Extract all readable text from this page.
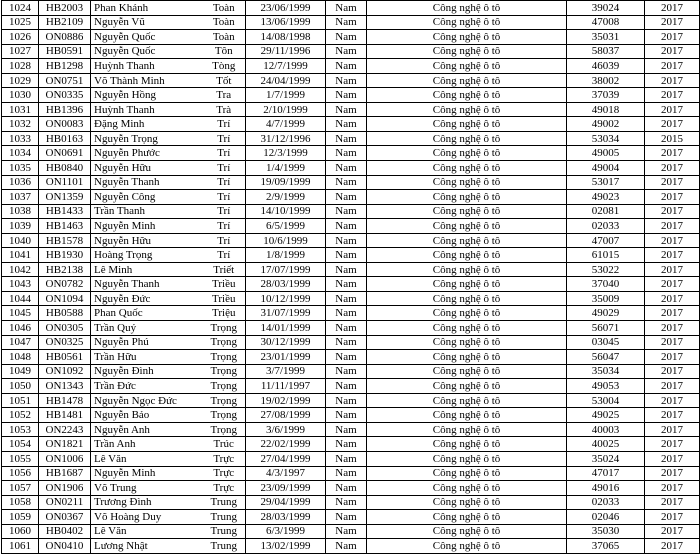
1024	HB2003	Phan Khánh	Toàn	23/06/1999	Nam	Công nghệ ô tô	39024	2017
1025	HB2109	Nguyễn Vũ	Toàn	13/06/1999	Nam	Công nghệ ô tô	47008	2017
1026	ON0886	Nguyễn Quốc	Toàn	14/08/1998	Nam	Công nghệ ô tô	35031	2017
1027	HB0591	Nguyễn Quốc	Tôn	29/11/1996	Nam	Công nghệ ô tô	58037	2017
1028	HB1298	Huỳnh Thanh	Tòng	12/7/1999	Nam	Công nghệ ô tô	46039	2017
1029	ON0751	Võ Thành Minh	Tốt	24/04/1999	Nam	Công nghệ ô tô	38002	2017
1030	ON0335	Nguyễn Hồng	Tra	1/7/1999	Nam	Công nghệ ô tô	37039	2017
1031	HB1396	Huỳnh Thanh	Trà	2/10/1999	Nam	Công nghệ ô tô	49018	2017
1032	ON0083	Đặng Minh	Trí	4/7/1999	Nam	Công nghệ ô tô	49002	2017
1033	HB0163	Nguyễn Trọng	Trí	31/12/1996	Nam	Công nghệ ô tô	53034	2015
1034	ON0691	Nguyễn Phước	Trí	12/3/1999	Nam	Công nghệ ô tô	49005	2017
1035	HB0840	Nguyễn Hữu	Trí	1/4/1999	Nam	Công nghệ ô tô	49004	2017
1036	ON1101	Nguyễn Thanh	Trí	19/09/1999	Nam	Công nghệ ô tô	53017	2017
1037	ON1359	Nguyễn Công	Trí	2/9/1999	Nam	Công nghệ ô tô	49023	2017
1038	HB1433	Trần Thanh	Trí	14/10/1999	Nam	Công nghệ ô tô	02081	2017
1039	HB1463	Nguyễn Minh	Trí	6/5/1999	Nam	Công nghệ ô tô	02033	2017
1040	HB1578	Nguyễn Hữu	Trí	10/6/1999	Nam	Công nghệ ô tô	47007	2017
1041	HB1930	Hoàng Trọng	Trí	1/8/1999	Nam	Công nghệ ô tô	61015	2017
1042	HB2138	Lê Minh	Triết	17/07/1999	Nam	Công nghệ ô tô	53022	2017
1043	ON0782	Nguyễn Thanh	Triều	28/03/1999	Nam	Công nghệ ô tô	37040	2017
1044	ON1094	Nguyễn Đức	Triều	10/12/1999	Nam	Công nghệ ô tô	35009	2017
1045	HB0588	Phan Quốc	Triệu	31/07/1999	Nam	Công nghệ ô tô	49029	2017
1046	ON0305	Trần Quý	Trọng	14/01/1999	Nam	Công nghệ ô tô	56071	2017
1047	ON0325	Nguyễn Phú	Trọng	30/12/1999	Nam	Công nghệ ô tô	03045	2017
1048	HB0561	Trần Hữu	Trọng	23/01/1999	Nam	Công nghệ ô tô	56047	2017
1049	ON1092	Nguyễn Đình	Trọng	3/7/1999	Nam	Công nghệ ô tô	35034	2017
1050	ON1343	Trần Đức	Trọng	11/11/1997	Nam	Công nghệ ô tô	49053	2017
1051	HB1478	Nguyễn Ngọc Đức	Trọng	19/02/1999	Nam	Công nghệ ô tô	53004	2017
1052	HB1481	Nguyễn Bảo	Trọng	27/08/1999	Nam	Công nghệ ô tô	49025	2017
1053	ON2243	Nguyễn Anh	Trọng	3/6/1999	Nam	Công nghệ ô tô	40003	2017
1054	ON1821	Trần Anh	Trúc	22/02/1999	Nam	Công nghệ ô tô	40025	2017
1055	ON1006	Lê Văn	Trực	27/04/1999	Nam	Công nghệ ô tô	35024	2017
1056	HB1687	Nguyễn Minh	Trực	4/3/1997	Nam	Công nghệ ô tô	47017	2017
1057	ON1906	Võ Trung	Trực	23/09/1999	Nam	Công nghệ ô tô	49016	2017
1058	ON0211	Trương Đình	Trung	29/04/1999	Nam	Công nghệ ô tô	02033	2017
1059	ON0367	Võ Hoàng Duy	Trung	28/03/1999	Nam	Công nghệ ô tô	02046	2017
1060	HB0402	Lê Văn	Trung	6/3/1999	Nam	Công nghệ ô tô	35030	2017
1061	ON0410	Lương Nhật	Trung	13/02/1999	Nam	Công nghệ ô tô	37065	2017
